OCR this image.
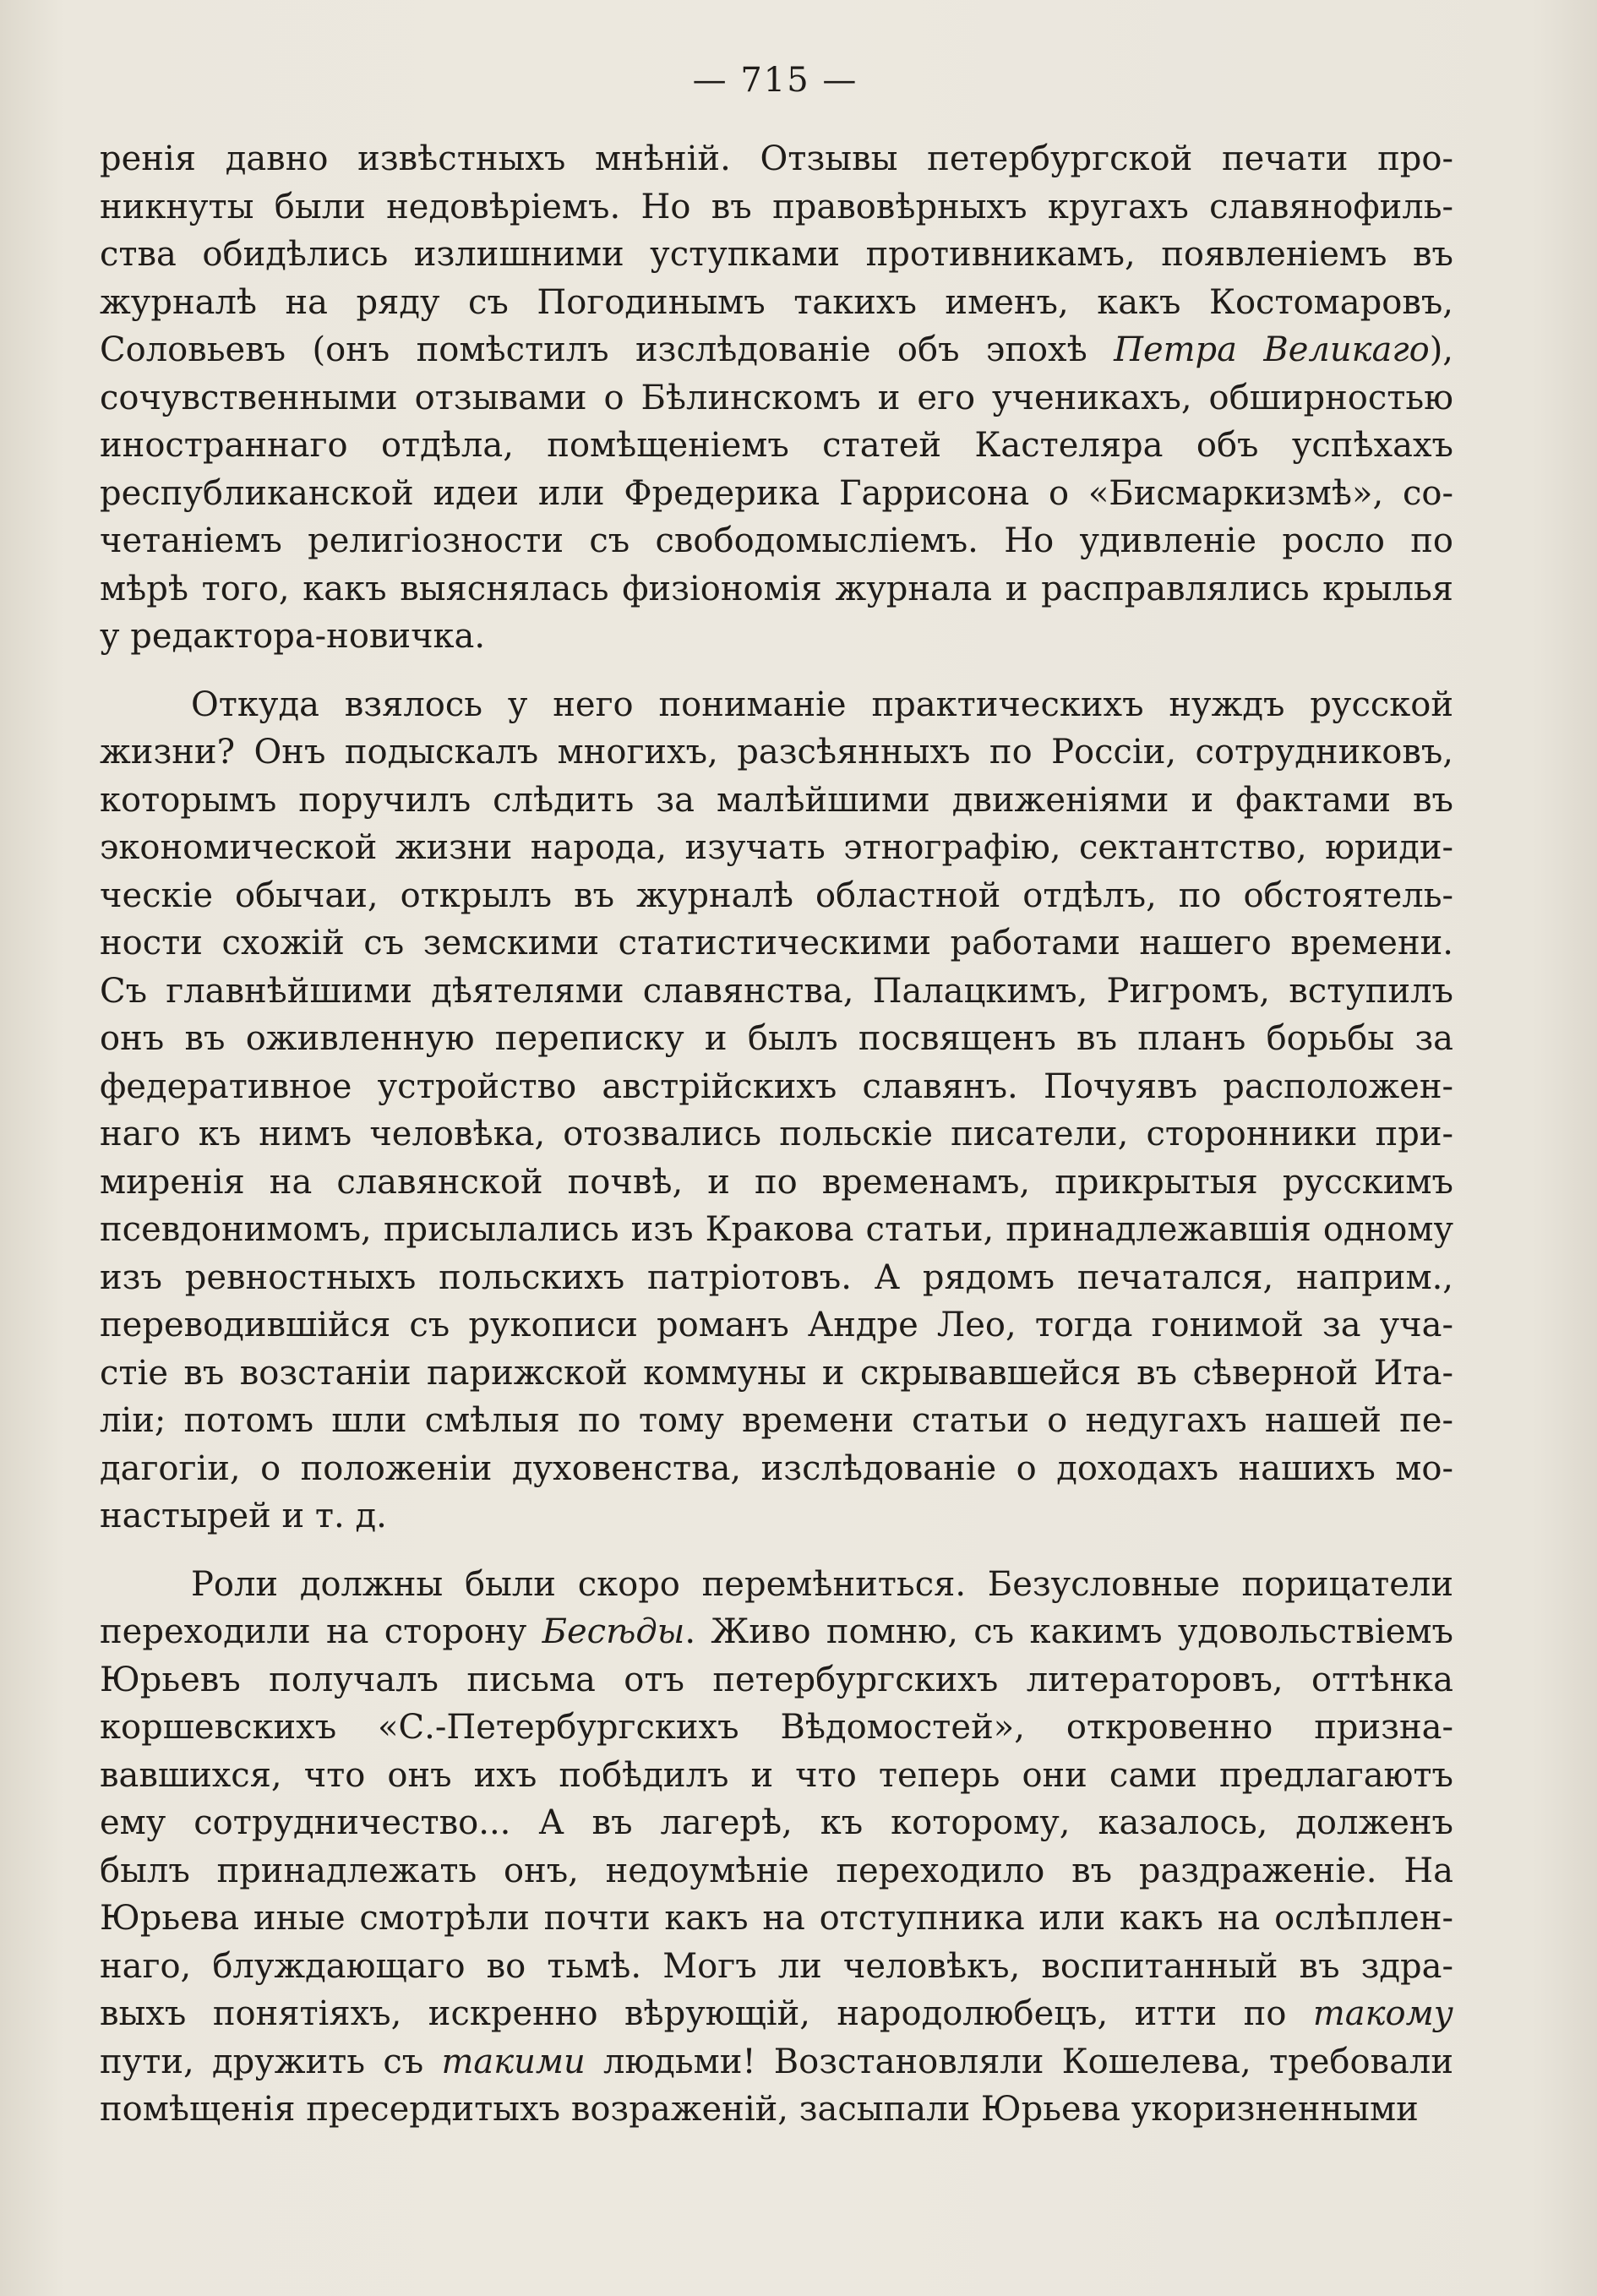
— 715 —
ренія давно извѣстныхъ мнѣній. Отзывы петербургской печати про-
никнуты были недовѣріемъ. Но въ правовѣрныхъ кругахъ славянофиль-
ства обидѣлись излишними уступками противникамъ, появленіемъ въ
журналѣ на ряду съ Погодинымъ такихъ именъ, какъ Костомаровъ,
Соловьевъ (онъ помѣстилъ изслѣдованіе объ эпохѣ Петра Великаго),
сочувственными отзывами о Бѣлинскомъ и его ученикахъ, обширностью
иностраннаго отдѣла, помѣщеніемъ статей Кастеляра объ успѣхахъ
республиканской идеи или Фредерика Гаррисона о «Бисмаркизмѣ», со-
четаніемъ религіозности съ свободомысліемъ. Но удивленіе росло по
мѣрѣ того, какъ выяснялась физіономія журнала и расправлялись крылья
у редактора-новичка.
Откуда взялось у него пониманіе практическихъ нуждъ русской
жизни? Онъ подыскалъ многихъ, разсѣянныхъ по Россіи, сотрудниковъ,
которымъ поручилъ слѣдить за малѣйшими движеніями и фактами въ
экономической жизни народа, изучать этнографію, сектантство, юриди-
ческіе обычаи, открылъ въ журналѣ областной отдѣлъ, по обстоятель-
ности схожій съ земскими статистическими работами нашего времени.
Съ главнѣйшими дѣятелями славянства, Палацкимъ, Ригромъ, вступилъ
онъ въ оживленную переписку и былъ посвященъ въ планъ борьбы за
федеративное устройство австрійскихъ славянъ. Почуявъ расположен-
наго къ нимъ человѣка, отозвались польскіе писатели, сторонники при-
миренія на славянской почвѣ, и по временамъ, прикрытыя русскимъ
псевдонимомъ, присылались изъ Кракова статьи, принадлежавшія одному
изъ ревностныхъ польскихъ патріотовъ. А рядомъ печатался, наприм.,
переводившійся съ рукописи романъ Андре Лео, тогда гонимой за уча-
стіе въ возстаніи парижской коммуны и скрывавшейся въ сѣверной Ита-
ліи; потомъ шли смѣлыя по тому времени статьи о недугахъ нашей пе-
дагогіи, о положеніи духовенства, изслѣдованіе о доходахъ нашихъ мо-
настырей и т. д.
Роли должны были скоро перемѣниться. Безусловные порицатели
переходили на сторону Бесѣды. Живо помню, съ какимъ удовольствіемъ
Юрьевъ получалъ письма отъ петербургскихъ литераторовъ, оттѣнка
коршевскихъ «С.-Петербургскихъ Вѣдомостей», откровенно призна-
вавшихся, что онъ ихъ побѣдилъ и что теперь они сами предлагаютъ
ему сотрудничество... А въ лагерѣ, къ которому, казалось, долженъ
былъ принадлежать онъ, недоумѣніе переходило въ раздраженіе. На
Юрьева иные смотрѣли почти какъ на отступника или какъ на ослѣплен-
наго, блуждающаго во тьмѣ. Могъ ли человѣкъ, воспитанный въ здра-
выхъ понятіяхъ, искренно вѣрующій, народолюбецъ, итти по такому
пути, дружить съ такими людьми! Возстановляли Кошелева, требовали
помѣщенія пресердитыхъ возраженій, засыпали Юрьева укоризненными
